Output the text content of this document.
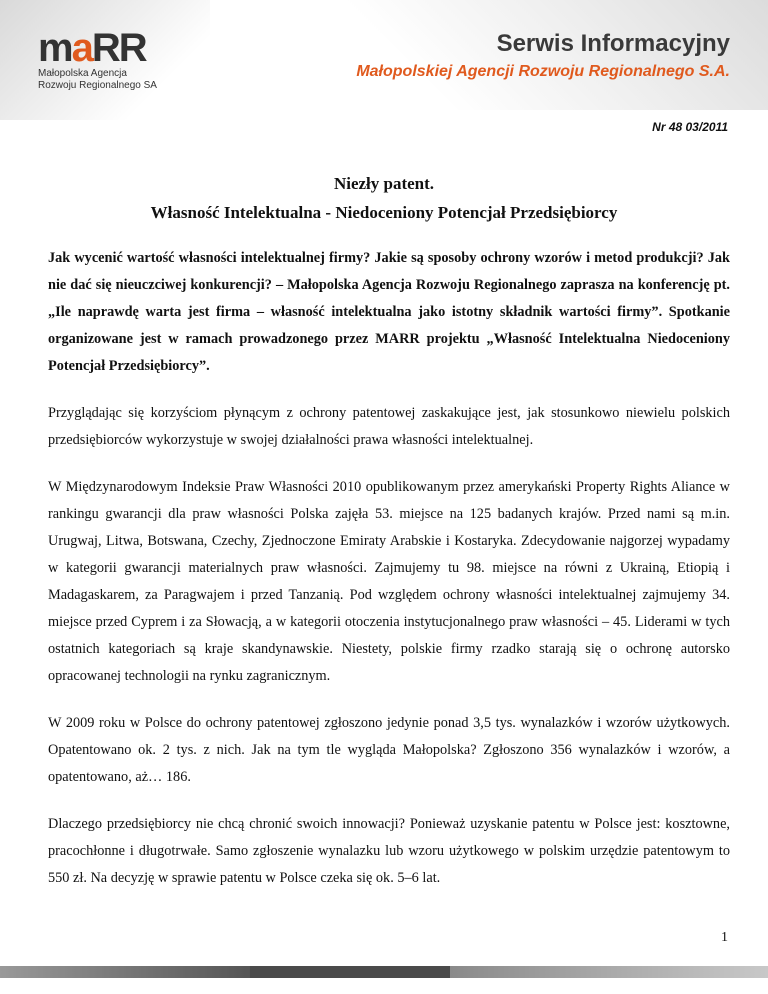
maRR
Małopolska Agencja
Rozwoju Regionalnego SA
Serwis Informacyjny
Małopolskiej Agencji Rozwoju Regionalnego S.A.
Nr 48 03/2011
Niezły patent.
Własność Intelektualna - Niedoceniony Potencjał Przedsiębiorcy

Jak wycenić wartość własności intelektualnej firmy? Jakie są sposoby ochrony wzorów i metod produkcji? Jak nie dać się nieuczciwej konkurencji? – Małopolska Agencja Rozwoju Regionalnego zaprasza na konferencję pt. „Ile naprawdę warta jest firma – własność intelektualna jako istotny składnik wartości firmy”. Spotkanie organizowane jest w ramach prowadzonego przez MARR projektu „Własność Intelektualna Niedoceniony Potencjał Przedsiębiorcy”.

Przyglądając się korzyściom płynącym z ochrony patentowej zaskakujące jest, jak stosunkowo niewielu polskich przedsiębiorców wykorzystuje w swojej działalności prawa własności intelektualnej.

W Międzynarodowym Indeksie Praw Własności 2010 opublikowanym przez amerykański Property Rights Aliance w rankingu gwarancji dla praw własności Polska zajęła 53. miejsce na 125 badanych krajów. Przed nami są m.in. Urugwaj, Litwa, Botswana, Czechy, Zjednoczone Emiraty Arabskie i Kostaryka. Zdecydowanie najgorzej wypadamy w kategorii gwarancji materialnych praw własności. Zajmujemy tu 98. miejsce na równi z Ukrainą, Etiopią i Madagaskarem, za Paragwajem i przed Tanzanią. Pod względem ochrony własności intelektualnej zajmujemy 34. miejsce przed Cyprem i za Słowacją, a w kategorii otoczenia instytucjonalnego praw własności – 45. Liderami w tych ostatnich kategoriach są kraje skandynawskie. Niestety, polskie firmy rzadko starają się o ochronę autorsko opracowanej technologii na rynku zagranicznym.

W 2009 roku w Polsce do ochrony patentowej zgłoszono jedynie ponad 3,5 tys. wynalazków i wzorów użytkowych. Opatentowano ok. 2 tys. z nich. Jak na tym tle wygląda Małopolska? Zgłoszono 356 wynalazków i wzorów, a opatentowano, aż… 186.

Dlaczego przedsiębiorcy nie chcą chronić swoich innowacji? Ponieważ uzyskanie patentu w Polsce jest: kosztowne, pracochłonne i długotrwałe. Samo zgłoszenie wynalazku lub wzoru użytkowego w polskim urzędzie patentowym to 550 zł. Na decyzję w sprawie patentu w Polsce czeka się ok. 5–6 lat.

1
